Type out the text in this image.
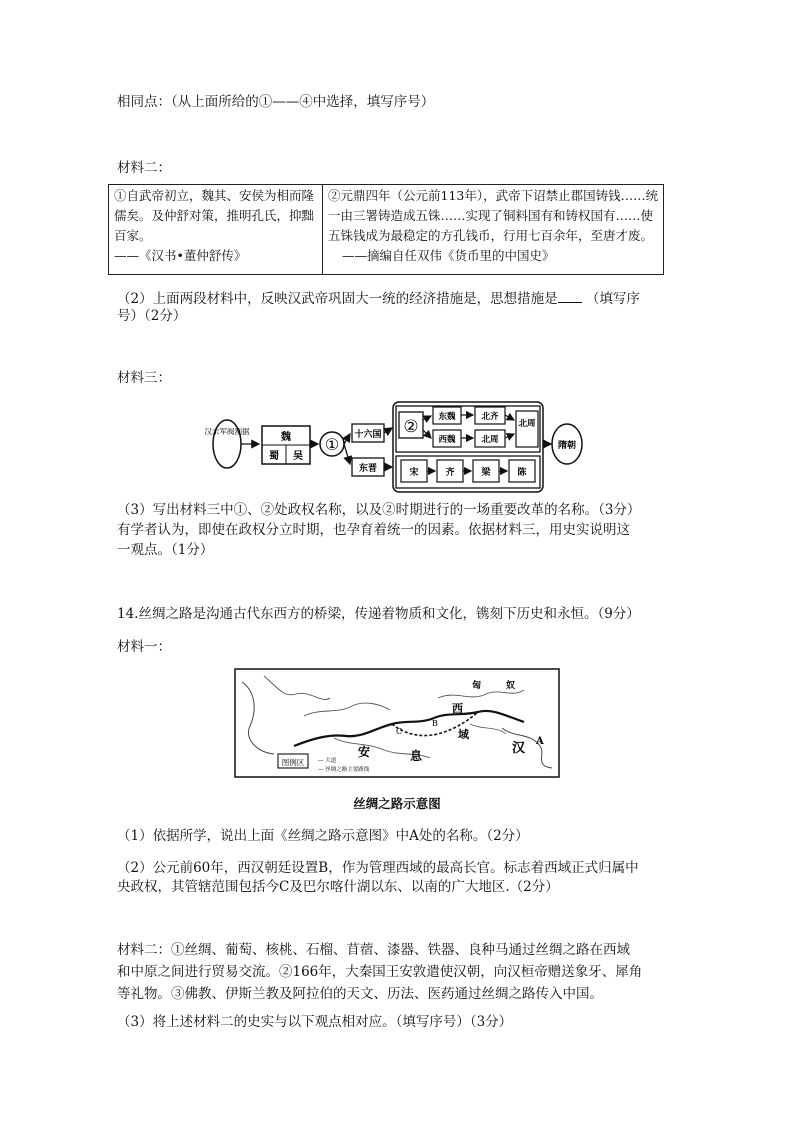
相同点：（从上面所给的①——④中选择，填写序号）
材料二：
①自武帝初立，魏其、安侯为相而隆儒矣。及仲舒对策，推明孔氏，抑黜百家。
——《汉书•董仲舒传》
	②元鼎四年（公元前113年），武帝下诏禁止郡国铸钱……统一由三署铸造成五铢……实现了铜料国有和铸权国有……使五铢钱成为最稳定的方孔钱币，行用七百余年，至唐才废。
——摘编自任双伟《货币里的中国史》
（2）上面两段材料中，反映汉武帝巩固大一统的经济措施是，思想措施是 （填写序
号）（2分）
材料三：
汉末军阀割据
魏
蜀 吴
① 十六国
东晋
② 东魏
西魏
北齐
北周
北周
宋	齐	梁	陈
隋朝
（3）写出材料三中①、②处政权名称，以及②时期进行的一场重要改革的名称。（3分）
有学者认为，即使在政权分立时期，也孕育着统一的因素。依据材料三，用史实说明这
一观点。（1分）
14.丝绸之路是沟通古代东西方的桥梁，传递着物质和文化，镌刻下历史和永恒。（9分）
材料一：
匈	奴
西
域
安	息	汉 A
B
C
图例区	— 大道
— 丝绸之路主要路线
丝绸之路示意图
（1）依据所学，说出上面《丝绸之路示意图》中A处的名称。（2分）
（2）公元前60年，西汉朝廷设置B，作为管理西域的最高长官。标志着西域正式归属中
央政权，其管辖范围包括今C及巴尔喀什湖以东、以南的广大地区.（2分）
材料二：①丝绸、葡萄、核桃、石榴、苜蓿、漆器、铁器、良种马通过丝绸之路在西域
和中原之间进行贸易交流。②166年，大秦国王安敦遣使汉朝，向汉桓帝赠送象牙、犀角
等礼物。③佛教、伊斯兰教及阿拉伯的天文、历法、医药通过丝绸之路传入中国。
（3）将上述材料二的史实与以下观点相对应。（填写序号）（3分）
